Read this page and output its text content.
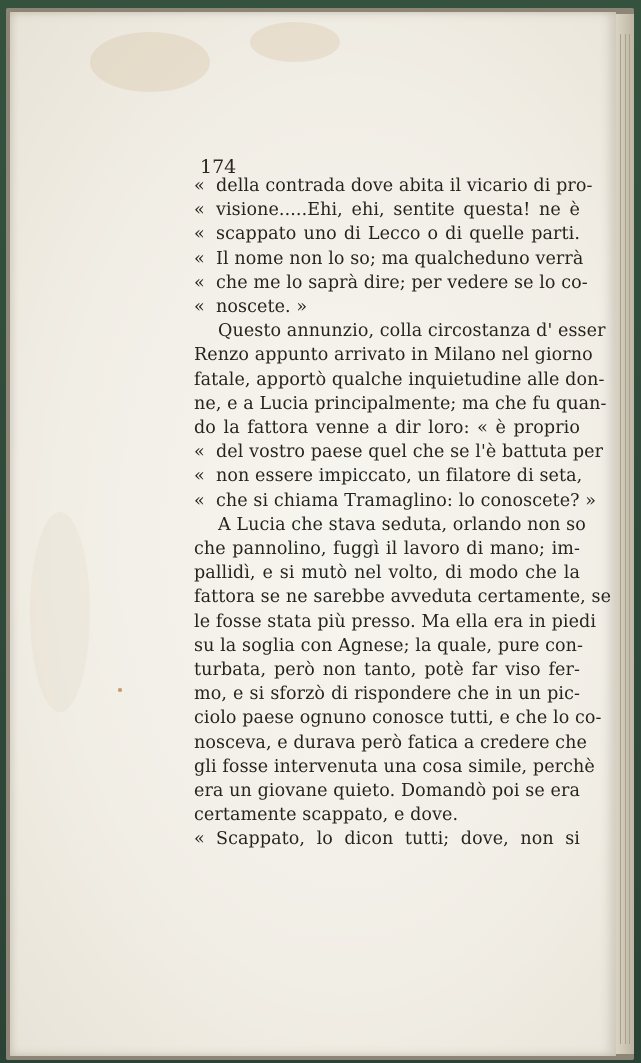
174
« della contrada dove abita il vicario di pro-
« visione.....Ehi, ehi, sentite questa! ne è
« scappato uno di Lecco o di quelle parti.
« Il nome non lo so; ma qualcheduno verrà
« che me lo saprà dire; per vedere se lo co-
« noscete. »
Questo annunzio, colla circostanza d' esser
Renzo appunto arrivato in Milano nel giorno
fatale, apportò qualche inquietudine alle don-
ne, e a Lucia principalmente; ma che fu quan-
do la fattora venne a dir loro: « è proprio
« del vostro paese quel che se l'è battuta per
« non essere impiccato, un filatore di seta,
« che si chiama Tramaglino: lo conoscete? »
A Lucia che stava seduta, orlando non so
che pannolino, fuggì il lavoro di mano; im-
pallidì, e si mutò nel volto, di modo che la
fattora se ne sarebbe avveduta certamente, se
le fosse stata più presso. Ma ella era in piedi
su la soglia con Agnese; la quale, pure con-
turbata, però non tanto, potè far viso fer-
mo, e si sforzò di rispondere che in un pic-
ciolo paese ognuno conosce tutti, e che lo co-
nosceva, e durava però fatica a credere che
gli fosse intervenuta una cosa simile, perchè
era un giovane quieto. Domandò poi se era
certamente scappato, e dove.
« Scappato, lo dicon tutti; dove, non si
